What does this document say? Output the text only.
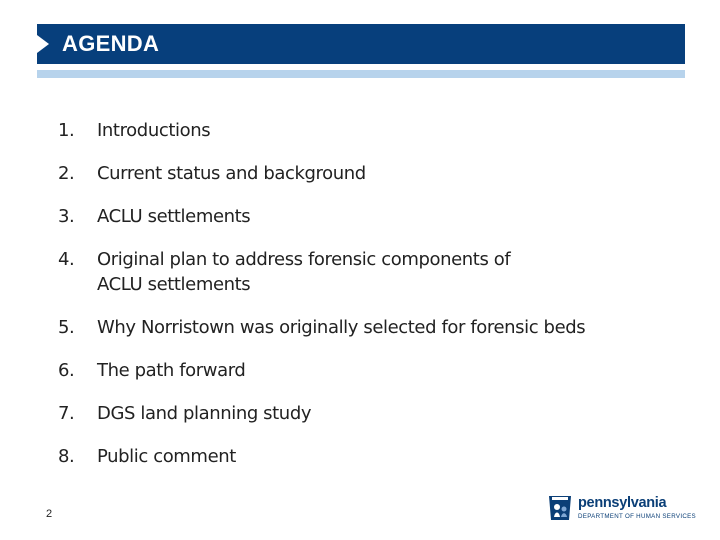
AGENDA
1.	Introductions
2.	Current status and background
3.	ACLU settlements
4.	Original plan to address forensic components of ACLU settlements
5.	Why Norristown was originally selected for forensic beds
6.	The path forward
7.	DGS land planning study
8.	Public comment
2
pennsylvania
DEPARTMENT OF HUMAN SERVICES
